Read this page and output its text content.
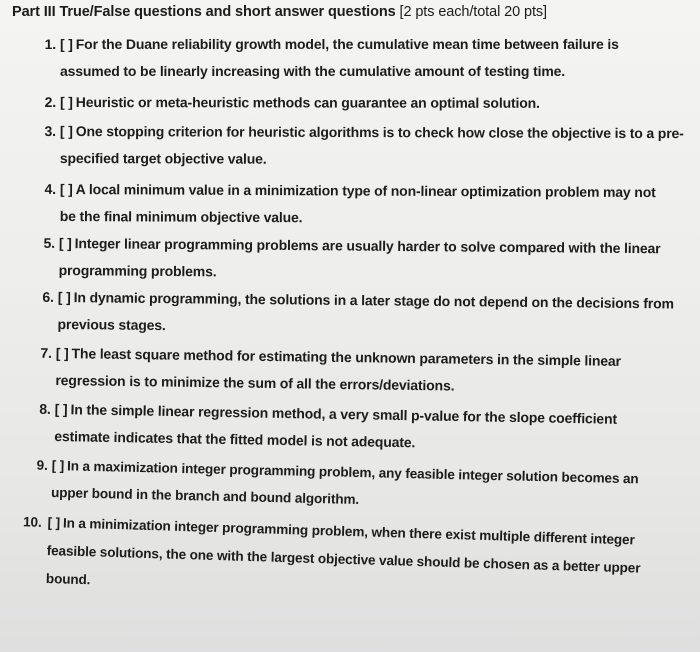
Part III True/False questions and short answer questions [2 pts each/total 20 pts]
1. [ ] For the Duane reliability growth model, the cumulative mean time between failure is
assumed to be linearly increasing with the cumulative amount of testing time.
2. [ ] Heuristic or meta-heuristic methods can guarantee an optimal solution.
3. [ ] One stopping criterion for heuristic algorithms is to check how close the objective is to a pre-
specified target objective value.
4. [ ] A local minimum value in a minimization type of non-linear optimization problem may not
be the final minimum objective value.
5. [ ] Integer linear programming problems are usually harder to solve compared with the linear
programming problems.
6. [ ] In dynamic programming, the solutions in a later stage do not depend on the decisions from
previous stages.
7. [ ] The least square method for estimating the unknown parameters in the simple linear
regression is to minimize the sum of all the errors/deviations.
8. [ ] In the simple linear regression method, a very small p-value for the slope coefficient
estimate indicates that the fitted model is not adequate.
9. [ ] In a maximization integer programming problem, any feasible integer solution becomes an
upper bound in the branch and bound algorithm.
10. [ ] In a minimization integer programming problem, when there exist multiple different integer
feasible solutions, the one with the largest objective value should be chosen as a better upper
bound.
